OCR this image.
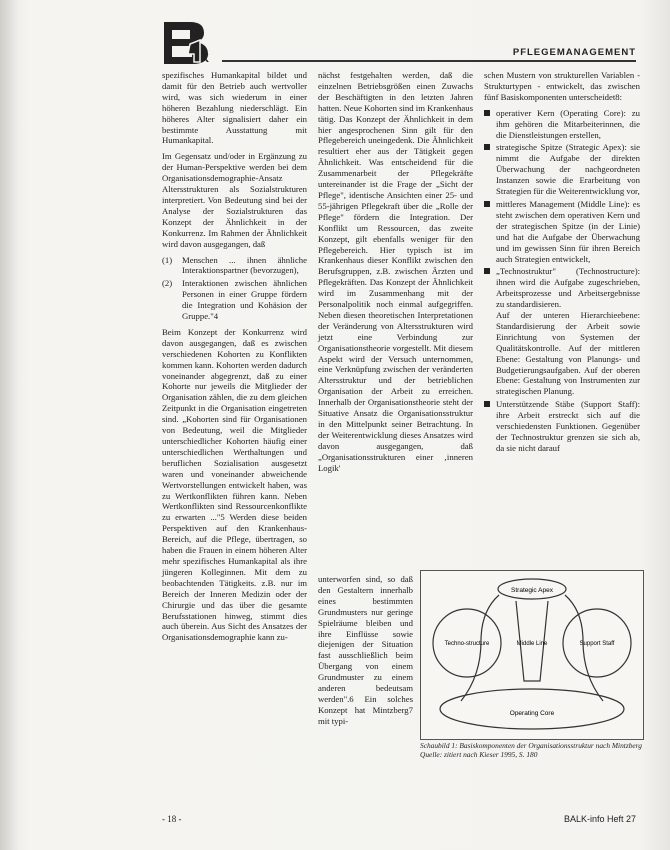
K
PFLEGEMANAGEMENT

spezifisches Humankapital bildet und damit für den Betrieb auch wertvoller wird, was sich wiederum in einer höheren Bezahlung niederschlägt. Ein höheres Alter signalisiert daher ein bestimmte Ausstattung mit Humankapital.

Im Gegensatz und/oder in Ergänzung zu der Human-Perspektive werden bei dem Organisationsdemographie-Ansatz Altersstrukturen als Sozialstrukturen interpretiert. Von Bedeutung sind bei der Analyse der Sozialstrukturen das Konzept der Ähnlichkeit in der Konkurrenz. Im Rahmen der Ähnlichkeit wird davon ausgegangen, daß

(1)	Menschen ... ihnen ähnliche Interaktionspartner (bevorzugen),
(2)	Interaktionen zwischen ähnlichen Personen in einer Gruppe fördern die Integration und Kohäsion der Gruppe."4

Beim Konzept der Konkurrenz wird davon ausgegangen, daß es zwischen verschiedenen Kohorten zu Konflikten kommen kann. Kohorten werden dadurch voneinander abgegrenzt, daß zu einer Kohorte nur jeweils die Mitglieder der Organisation zählen, die zu dem gleichen Zeitpunkt in die Organisation eingetreten sind. „Kohorten sind für Organisationen von Bedeutung, weil die Mitglieder unterschiedlicher Kohorten häufig einer unterschiedlichen Werthaltungen und beruflichen Sozialisation ausgesetzt waren und voneinander abweichende Wertvorstellungen entwickelt haben, was zu Wertkonflikten führen kann. Neben Wertkonflikten sind Ressourcenkonflikte zu erwarten ..."5 Werden diese beiden Perspektiven auf den Krankenhaus-Bereich, auf die Pflege, übertragen, so haben die Frauen in einem höheren Alter mehr spezifisches Humankapital als ihre jüngeren Kolleginnen. Mit dem zu beobachtenden Tätigkeits. z.B. nur im Bereich der Inneren Medizin oder der Chirurgie und das über die gesamte Berufsstationen hinweg, stimmt dies auch überein. Aus Sicht des Ansatzes der Organisationsdemographie kann zu-

nächst festgehalten werden, daß die einzelnen Betriebsgrößen einen Zuwachs der Beschäftigten in den letzten Jahren hatten. Neue Kohorten sind im Krankenhaus tätig. Das Konzept der Ähnlichkeit in dem hier angesprochenen Sinn gilt für den Pflegebereich uneingedenk. Die Ähnlichkeit resultiert eher aus der Tätigkeit gegen Ähnlichkeit. Was entscheidend für die Zusammenarbeit der Pflegekräfte untereinander ist die Frage der „Sicht der Pflege", identische Ansichten einer 25- und 55-jährigen Pflegekraft über die „Rolle der Pflege" fördern die Integration. Der Konflikt um Ressourcen, das zweite Konzept, gilt ebenfalls weniger für den Pflegebereich. Hier typisch ist im Krankenhaus dieser Konflikt zwischen den Berufsgruppen, z.B. zwischen Ärzten und Pflegekräften. Das Konzept der Ähnlichkeit wird im Zusammenhang mit der Personalpolitik noch einmal aufgegriffen. Neben diesen theoretischen Interpretationen der Veränderung von Altersstrukturen wird jetzt eine Verbindung zur Organisationstheorie vorgestellt. Mit diesem Aspekt wird der Versuch unternommen, eine Verknüpfung zwischen der veränderten Altersstruktur und der betrieblichen Organisation der Arbeit zu erreichen. Innerhalb der Organisationstheorie steht der Situative Ansatz die Organisationsstruktur in den Mittelpunkt seiner Betrachtung. In der Weiterentwicklung dieses Ansatzes wird davon ausgegangen, daß „Organisationsstrukturen einer ‚inneren Logik'

unterworfen sind, so daß den Gestaltern innerhalb eines bestimmten Grundmusters nur geringe Spielräume bleiben und ihre Einflüsse sowie diejenigen der Situation fast ausschließlich beim Übergang von einem Grundmuster zu einem anderen bedeutsam werden".6 Ein solches Konzept hat Mintzberg7 mit typi-

schen Mustern von strukturellen Variablen - Strukturtypen - entwickelt, das zwischen fünf Basiskomponenten unterscheidet8:

operativer Kern (Operating Core): zu ihm gehören die Mitarbeiterinnen, die die Dienstleistungen erstellen,
strategische Spitze (Strategic Apex): sie nimmt die Aufgabe der direkten Überwachung der nachgeordneten Instanzen sowie die Erarbeitung von Strategien für die Weiterentwicklung vor,
mittleres Management (Middle Line): es steht zwischen dem operativen Kern und der strategischen Spitze (in der Linie) und hat die Aufgabe der Überwachung und im gewissen Sinn für ihren Bereich auch Strategien entwickelt,
„Technostruktur" (Technostructure): ihnen wird die Aufgabe zugeschrieben, Arbeitsprozesse und Arbeitsergebnisse zu standardisieren.
Auf der unteren Hierarchieebene: Standardisierung der Arbeit sowie Einrichtung von Systemen der Qualitätskontrolle. Auf der mittleren Ebene: Gestaltung von Planungs- und Budgetierungsaufgaben. Auf der oberen Ebene: Gestaltung von Instrumenten zur strategischen Planung.
Unterstützende Stäbe (Support Staff): ihre Arbeit erstreckt sich auf die verschiedensten Funktionen. Gegenüber der Technostruktur grenzen sie sich ab, da sie nicht darauf
Strategic Apex
Techno-structure	Middle Line	Support Staff
Operating Core
Schaubild 1: Basiskomponenten der Organisationsstruktur nach Mintzberg
Quelle: zitiert nach Kieser 1995, S. 180
- 18 -	BALK-info Heft 27
